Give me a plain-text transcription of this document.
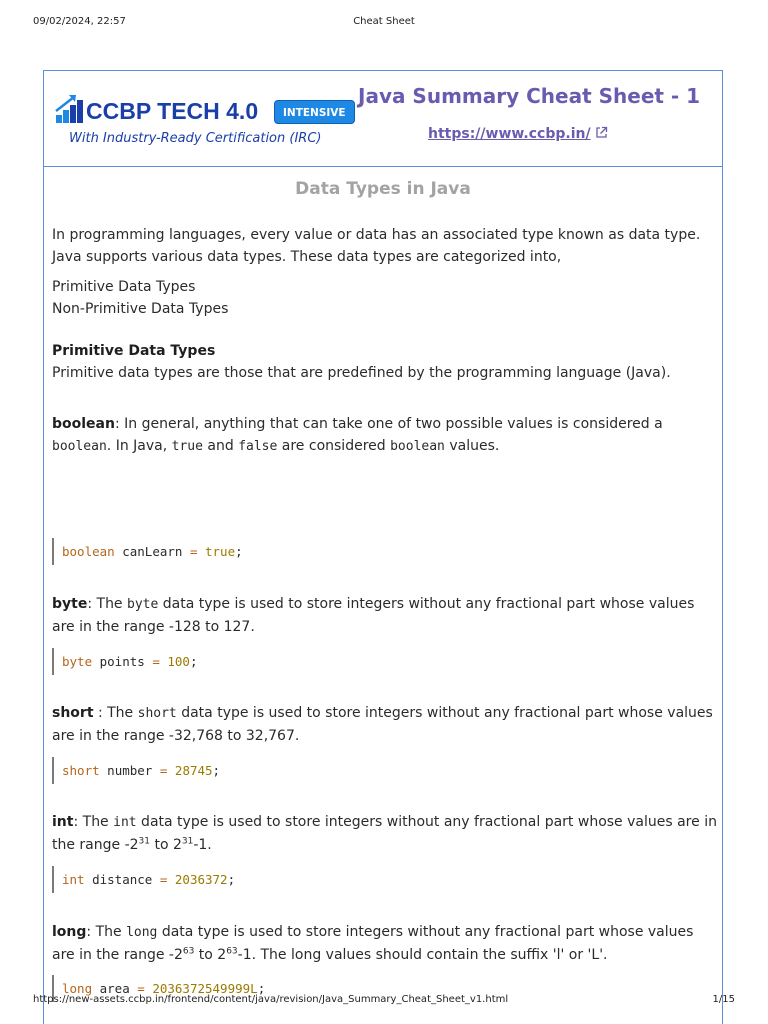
09/02/2024, 22:57	Cheat Sheet
CCBP TECH 4.0	INTENSIVE
With Industry-Ready Certification (IRC)
Java Summary Cheat Sheet - 1
https://www.ccbp.in/
Data Types in Java
In programming languages, every value or data has an associated type known as data type.
Java supports various data types. These data types are categorized into,
Primitive Data Types
Non-Primitive Data Types
Primitive Data Types
Primitive data types are those that are predefined by the programming language (Java).
boolean: In general, anything that can take one of two possible values is considered a
boolean. In Java, true and false are considered boolean values.
boolean canLearn = true;
byte: The byte data type is used to store integers without any fractional part whose values
are in the range -128 to 127.
byte points = 100;
short : The short data type is used to store integers without any fractional part whose values
are in the range -32,768 to 32,767.
short number = 28745;
int: The int data type is used to store integers without any fractional part whose values are in
the range $-2^{31}$ to $2^{31}-1$.
int distance = 2036372;
long: The long data type is used to store integers without any fractional part whose values
are in the range $-2^{63}$ to $2^{63}-1$. The long values should contain the suffix 'l' or 'L'.
long area = 2036372549999L;
https://new-assets.ccbp.in/frontend/content/java/revision/Java_Summary_Cheat_Sheet_v1.html	1/15
